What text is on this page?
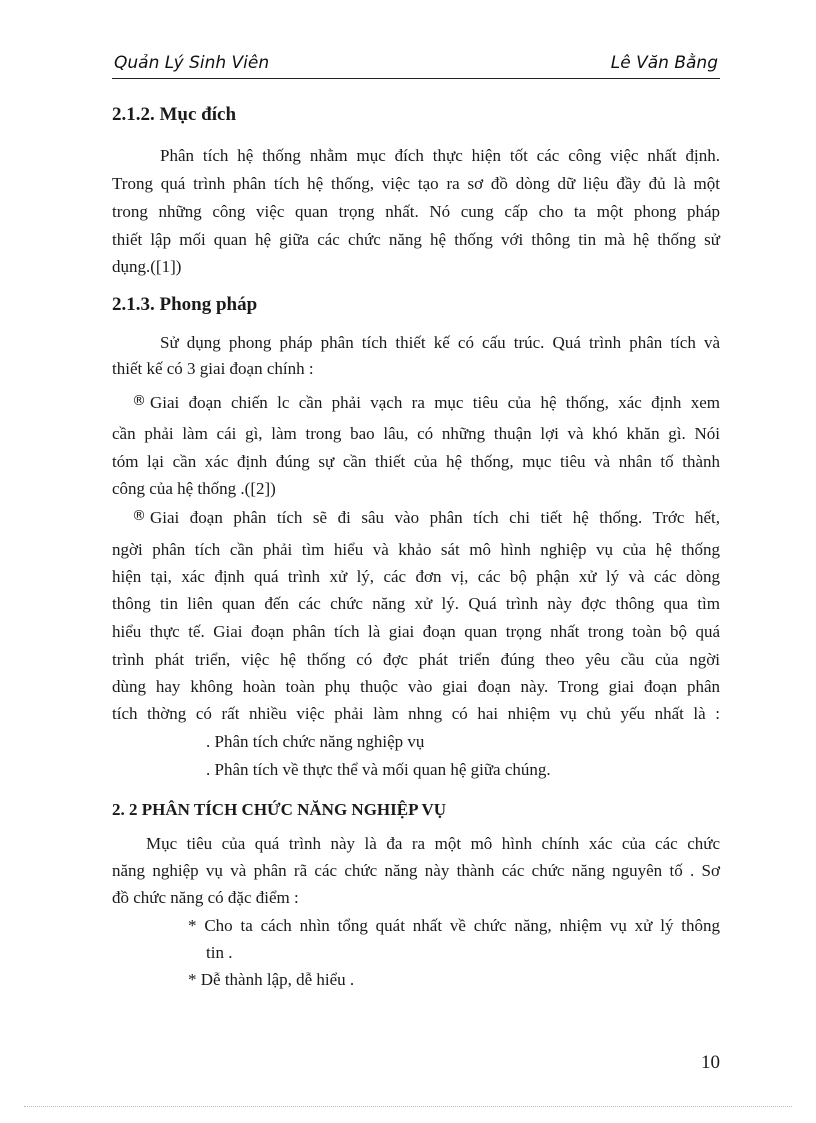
Quản Lý Sinh Viên	Lê Văn Bằng
2.1.2. Mục đích
Phân tích hệ thống nhằm mục đích thực hiện tốt các công việc nhất định.
Trong quá trình phân tích hệ thống, việc tạo ra sơ đồ dòng dữ liệu đầy đủ là một
trong những công việc quan trọng nhất. Nó cung cấp cho ta một phong pháp
thiết lập mối quan hệ giữa các chức năng hệ thống với thông tin mà hệ thống sử
dụng.([1])
2.1.3. Phong pháp
Sử dụng phong pháp phân tích thiết kế có cấu trúc. Quá trình phân tích và
thiết kế có 3 giai đoạn chính :
® Giai đoạn chiến lc cần phải vạch ra mục tiêu của hệ thống, xác định xem
cần phải làm cái gì, làm trong bao lâu, có những thuận lợi và khó khăn gì. Nói
tóm lại cần xác định đúng sự cần thiết của hệ thống, mục tiêu và nhân tố thành
công của hệ thống .([2])
® Giai đoạn phân tích sẽ đi sâu vào phân tích chi tiết hệ thống. Trớc hết,
ngời phân tích cần phải tìm hiểu và khảo sát mô hình nghiệp vụ của hệ thống
hiện tại, xác định quá trình xử lý, các đơn vị, các bộ phận xử lý và các dòng
thông tin liên quan đến các chức năng xử lý. Quá trình này đợc thông qua tìm
hiểu thực tế. Giai đoạn phân tích là giai đoạn quan trọng nhất trong toàn bộ quá
trình phát triển, việc hệ thống có đợc phát triển đúng theo yêu cầu của ngời
dùng hay không hoàn toàn phụ thuộc vào giai đoạn này. Trong giai đoạn phân
tích thờng có rất nhiều việc phải làm nhng có hai nhiệm vụ chủ yếu nhất là :
. Phân tích chức năng nghiệp vụ
. Phân tích về thực thể và mối quan hệ giữa chúng.
2. 2 PHÂN TÍCH CHỨC NĂNG NGHIỆP VỤ
Mục tiêu của quá trình này là đa ra một mô hình chính xác của các chức
năng nghiệp vụ và phân rã các chức năng này thành các chức năng nguyên tố . Sơ
đồ chức năng có đặc điểm :
* Cho ta cách nhìn tổng quát nhất về chức năng, nhiệm vụ xử lý thông
tin .
* Dễ thành lập, dễ hiểu .
10
